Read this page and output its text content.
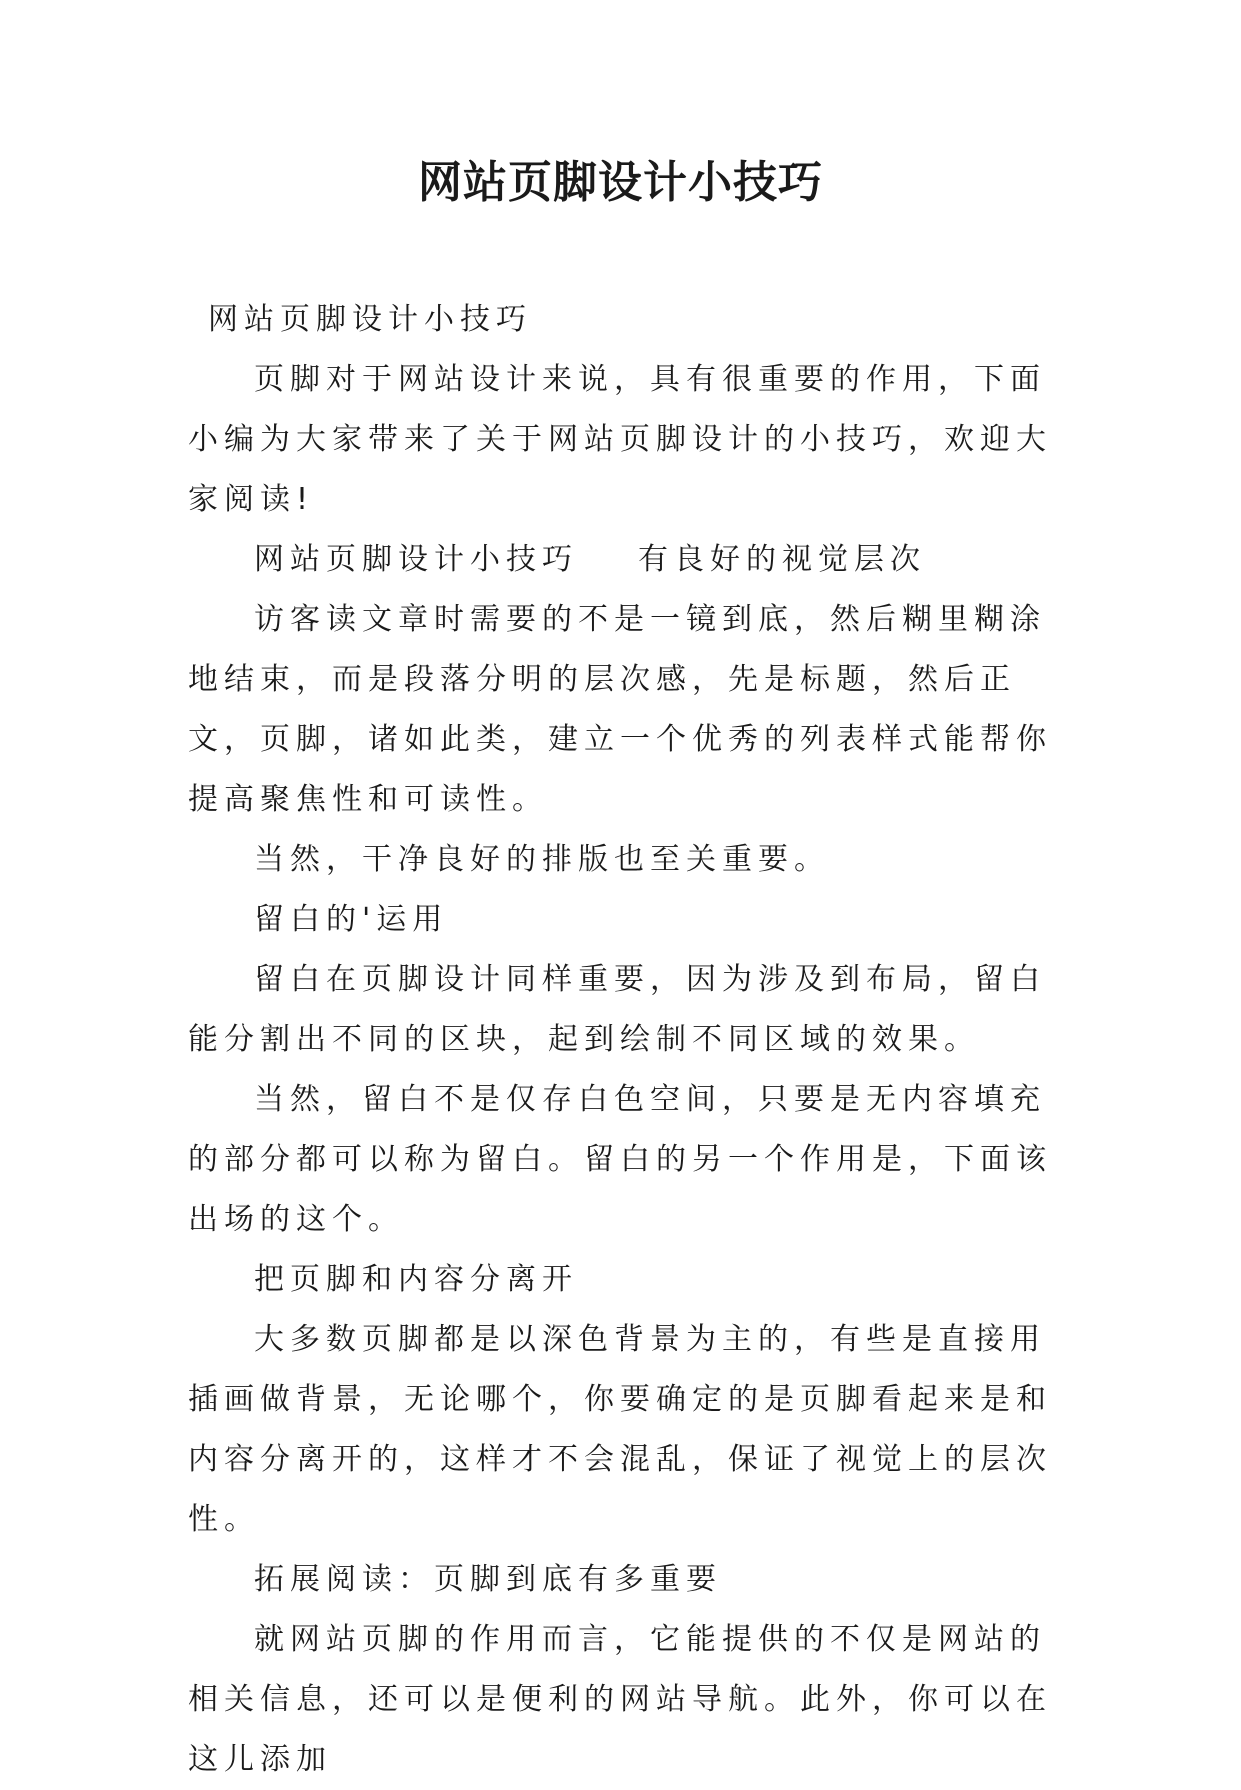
网站页脚设计小技巧

网站页脚设计小技巧

页脚对于网站设计来说，具有很重要的作用，下面小编为大家带来了关于网站页脚设计的小技巧，欢迎大家阅读!

网站页脚设计小技巧 有良好的视觉层次

访客读文章时需要的不是一镜到底，然后糊里糊涂地结束，而是段落分明的层次感，先是标题，然后正文，页脚，诸如此类，建立一个优秀的列表样式能帮你提高聚焦性和可读性。

当然，干净良好的排版也至关重要。

留白的'运用

留白在页脚设计同样重要，因为涉及到布局，留白能分割出不同的区块，起到绘制不同区域的效果。

当然，留白不是仅存白色空间，只要是无内容填充的部分都可以称为留白。留白的另一个作用是，下面该出场的这个。

把页脚和内容分离开

大多数页脚都是以深色背景为主的，有些是直接用插画做背景，无论哪个，你要确定的是页脚看起来是和内容分离开的，这样才不会混乱，保证了视觉上的层次性。

拓展阅读：页脚到底有多重要

就网站页脚的作用而言，它能提供的不仅是网站的相关信息，还可以是便利的网站导航。此外，你可以在这儿添加
